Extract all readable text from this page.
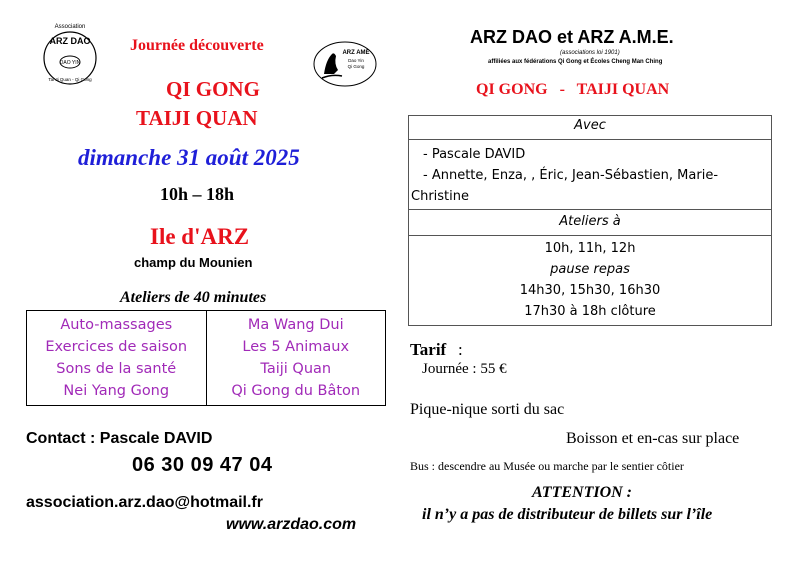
Association
ARZ DAO
DAO YIN
Tai Ji Quan - Qi Gong
Journée découverte
QI GONG
TAIJI QUAN
dimanche 31 août 2025
10h – 18h
Ile d'ARZ
champ du Mounien
Ateliers de 40 minutes
Auto-massages
Exercices de saison
Sons de la santé
Nei Yang Gong
Ma Wang Dui
Les 5 Animaux
Taiji Quan
Qi Gong du Bâton
Contact : Pascale DAVID
06 30 09 47 04
association.arz.dao@hotmail.fr
www.arzdao.com
ARZ AME
Dao Yin
Qi Gong
ARZ DAO et ARZ A.M.E.
(associations loi 1901)
affiliées aux fédérations Qi Gong et Écoles Cheng Man Ching
QI GONG   -   TAIJI QUAN
Avec
- Pascale DAVID
- Annette, Enza, , Éric, Jean-Sébastien, Marie-
Christine
Ateliers à
10h, 11h, 12h
pause repas
14h30, 15h30, 16h30
17h30 à 18h clôture
Tarif :
Journée : 55 €
Pique-nique sorti du sac
Boisson et en-cas sur place
Bus : descendre au Musée ou marche par le sentier côtier
ATTENTION :
il n’y a pas de distributeur de billets sur l’île
